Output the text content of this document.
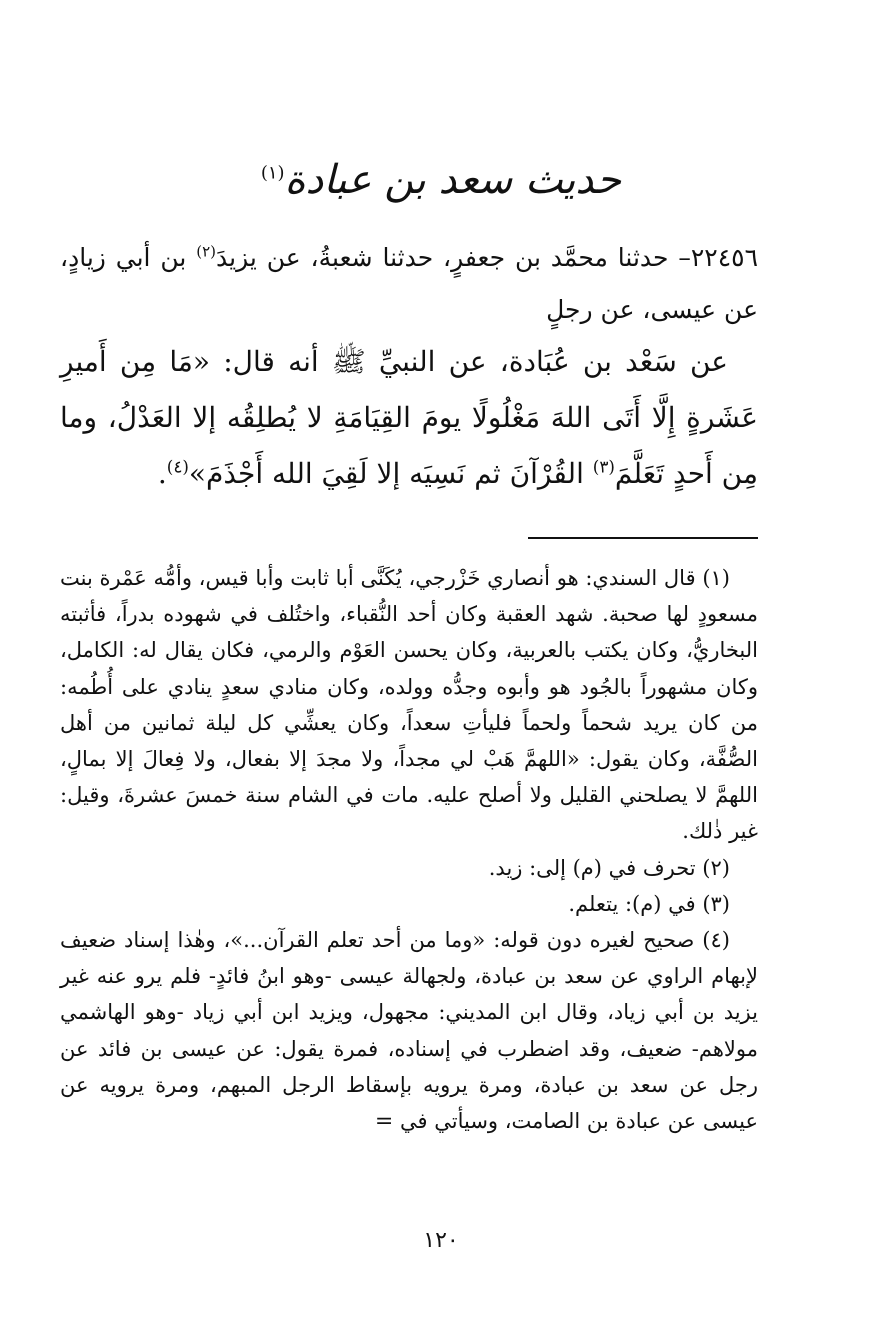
حديث سعد بن عبادة$^{(١)}$
٢٢٤٥٦– حدثنا محمَّد بن جعفرٍ، حدثنا شعبةُ، عن يزيدَ$^{(٢)}$ بن أبي زيادٍ، عن عيسى، عن رجلٍ
عن سَعْد بن عُبَادة، عن النبيِّ ﷺ أنه قال: «مَا مِن أَميرِ عَشَرةٍ إِلَّا أَتَى اللهَ مَغْلُولًا يومَ القِيَامَةِ لا يُطلِقُه إلا العَدْلُ، وما مِن أَحدٍ تَعَلَّمَ$^{(٣)}$ القُرْآنَ ثم نَسِيَه إلا لَقِيَ الله أَجْذَمَ»$^{(٤)}$.

(١) قال السندي: هو أنصاري خَزْرجي، يُكَنَّى أبا ثابت وأبا قيس، وأمُّه عَمْرة بنت مسعودٍ لها صحبة. شهد العقبة وكان أحد النُّقباء، واختُلف في شهوده بدراً، فأثبته البخاريُّ، وكان يكتب بالعربية، وكان يحسن العَوْم والرمي، فكان يقال له: الكامل، وكان مشهوراً بالجُود هو وأبوه وجدُّه وولده، وكان منادي سعدٍ ينادي على أُطُمه: من كان يريد شحماً ولحماً فليأتِ سعداً، وكان يعشِّي كل ليلة ثمانين من أهل الصُّفَّة، وكان يقول: «اللهمَّ هَبْ لي مجداً، ولا مجدَ إلا بفعال، ولا فِعالَ إلا بمالٍ، اللهمَّ لا يصلحني القليل ولا أصلح عليه. مات في الشام سنة خمسَ عشرةَ، وقيل: غير ذٰلك.

(٢) تحرف في (م) إلى: زيد.

(٣) في (م): يتعلم.

(٤) صحيح لغيره دون قوله: «وما من أحد تعلم القرآن...»، وهٰذا إسناد ضعيف لإبهام الراوي عن سعد بن عبادة، ولجهالة عيسى -وهو ابنُ فائدٍ- فلم يرو عنه غير يزيد بن أبي زياد، وقال ابن المديني: مجهول، ويزيد ابن أبي زياد -وهو الهاشمي مولاهم- ضعيف، وقد اضطرب في إسناده، فمرة يقول: عن عيسى بن فائد عن رجل عن سعد بن عبادة، ومرة يرويه بإسقاط الرجل المبهم، ومرة يرويه عن عيسى عن عبادة بن الصامت، وسيأتي في =

١٢٠
